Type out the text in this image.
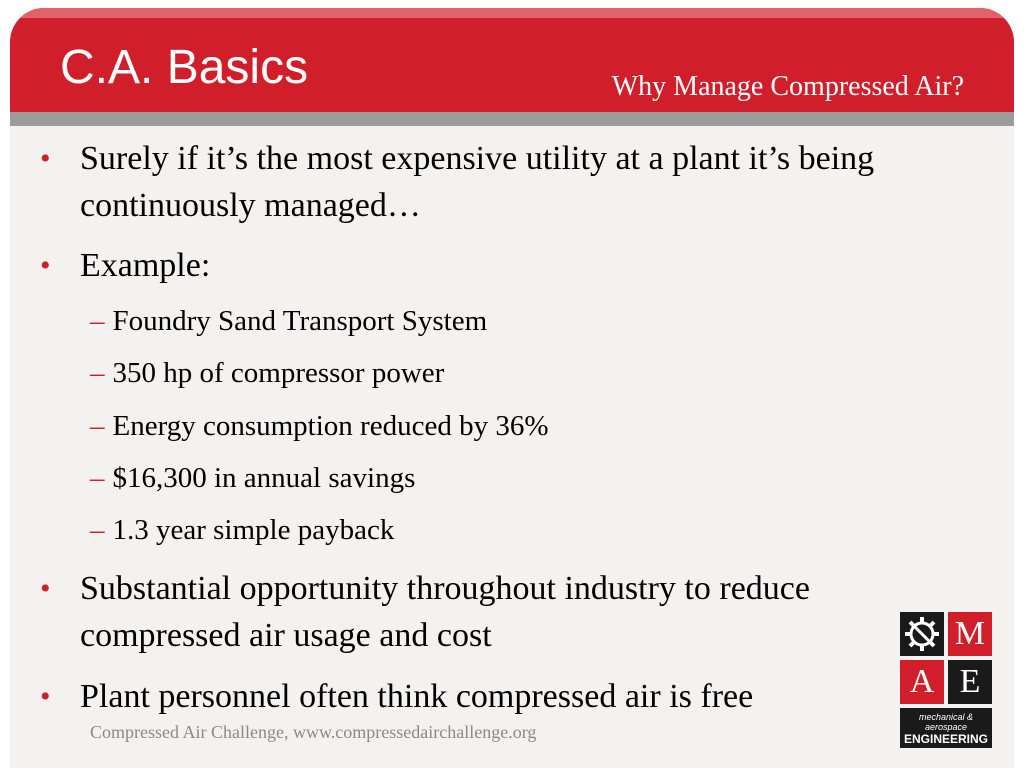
C.A. Basics	Why Manage Compressed Air?
• Surely if it’s the most expensive utility at a plant it’s being continuously managed…
• Example:
– Foundry Sand Transport System
– 350 hp of compressor power
– Energy consumption reduced by 36%
– $16,300 in annual savings
– 1.3 year simple payback
• Substantial opportunity throughout industry to reduce compressed air usage and cost
• Plant personnel often think compressed air is free
Compressed Air Challenge, www.compressedairchallenge.org
M
A E
mechanical & aerospace
ENGINEERING
